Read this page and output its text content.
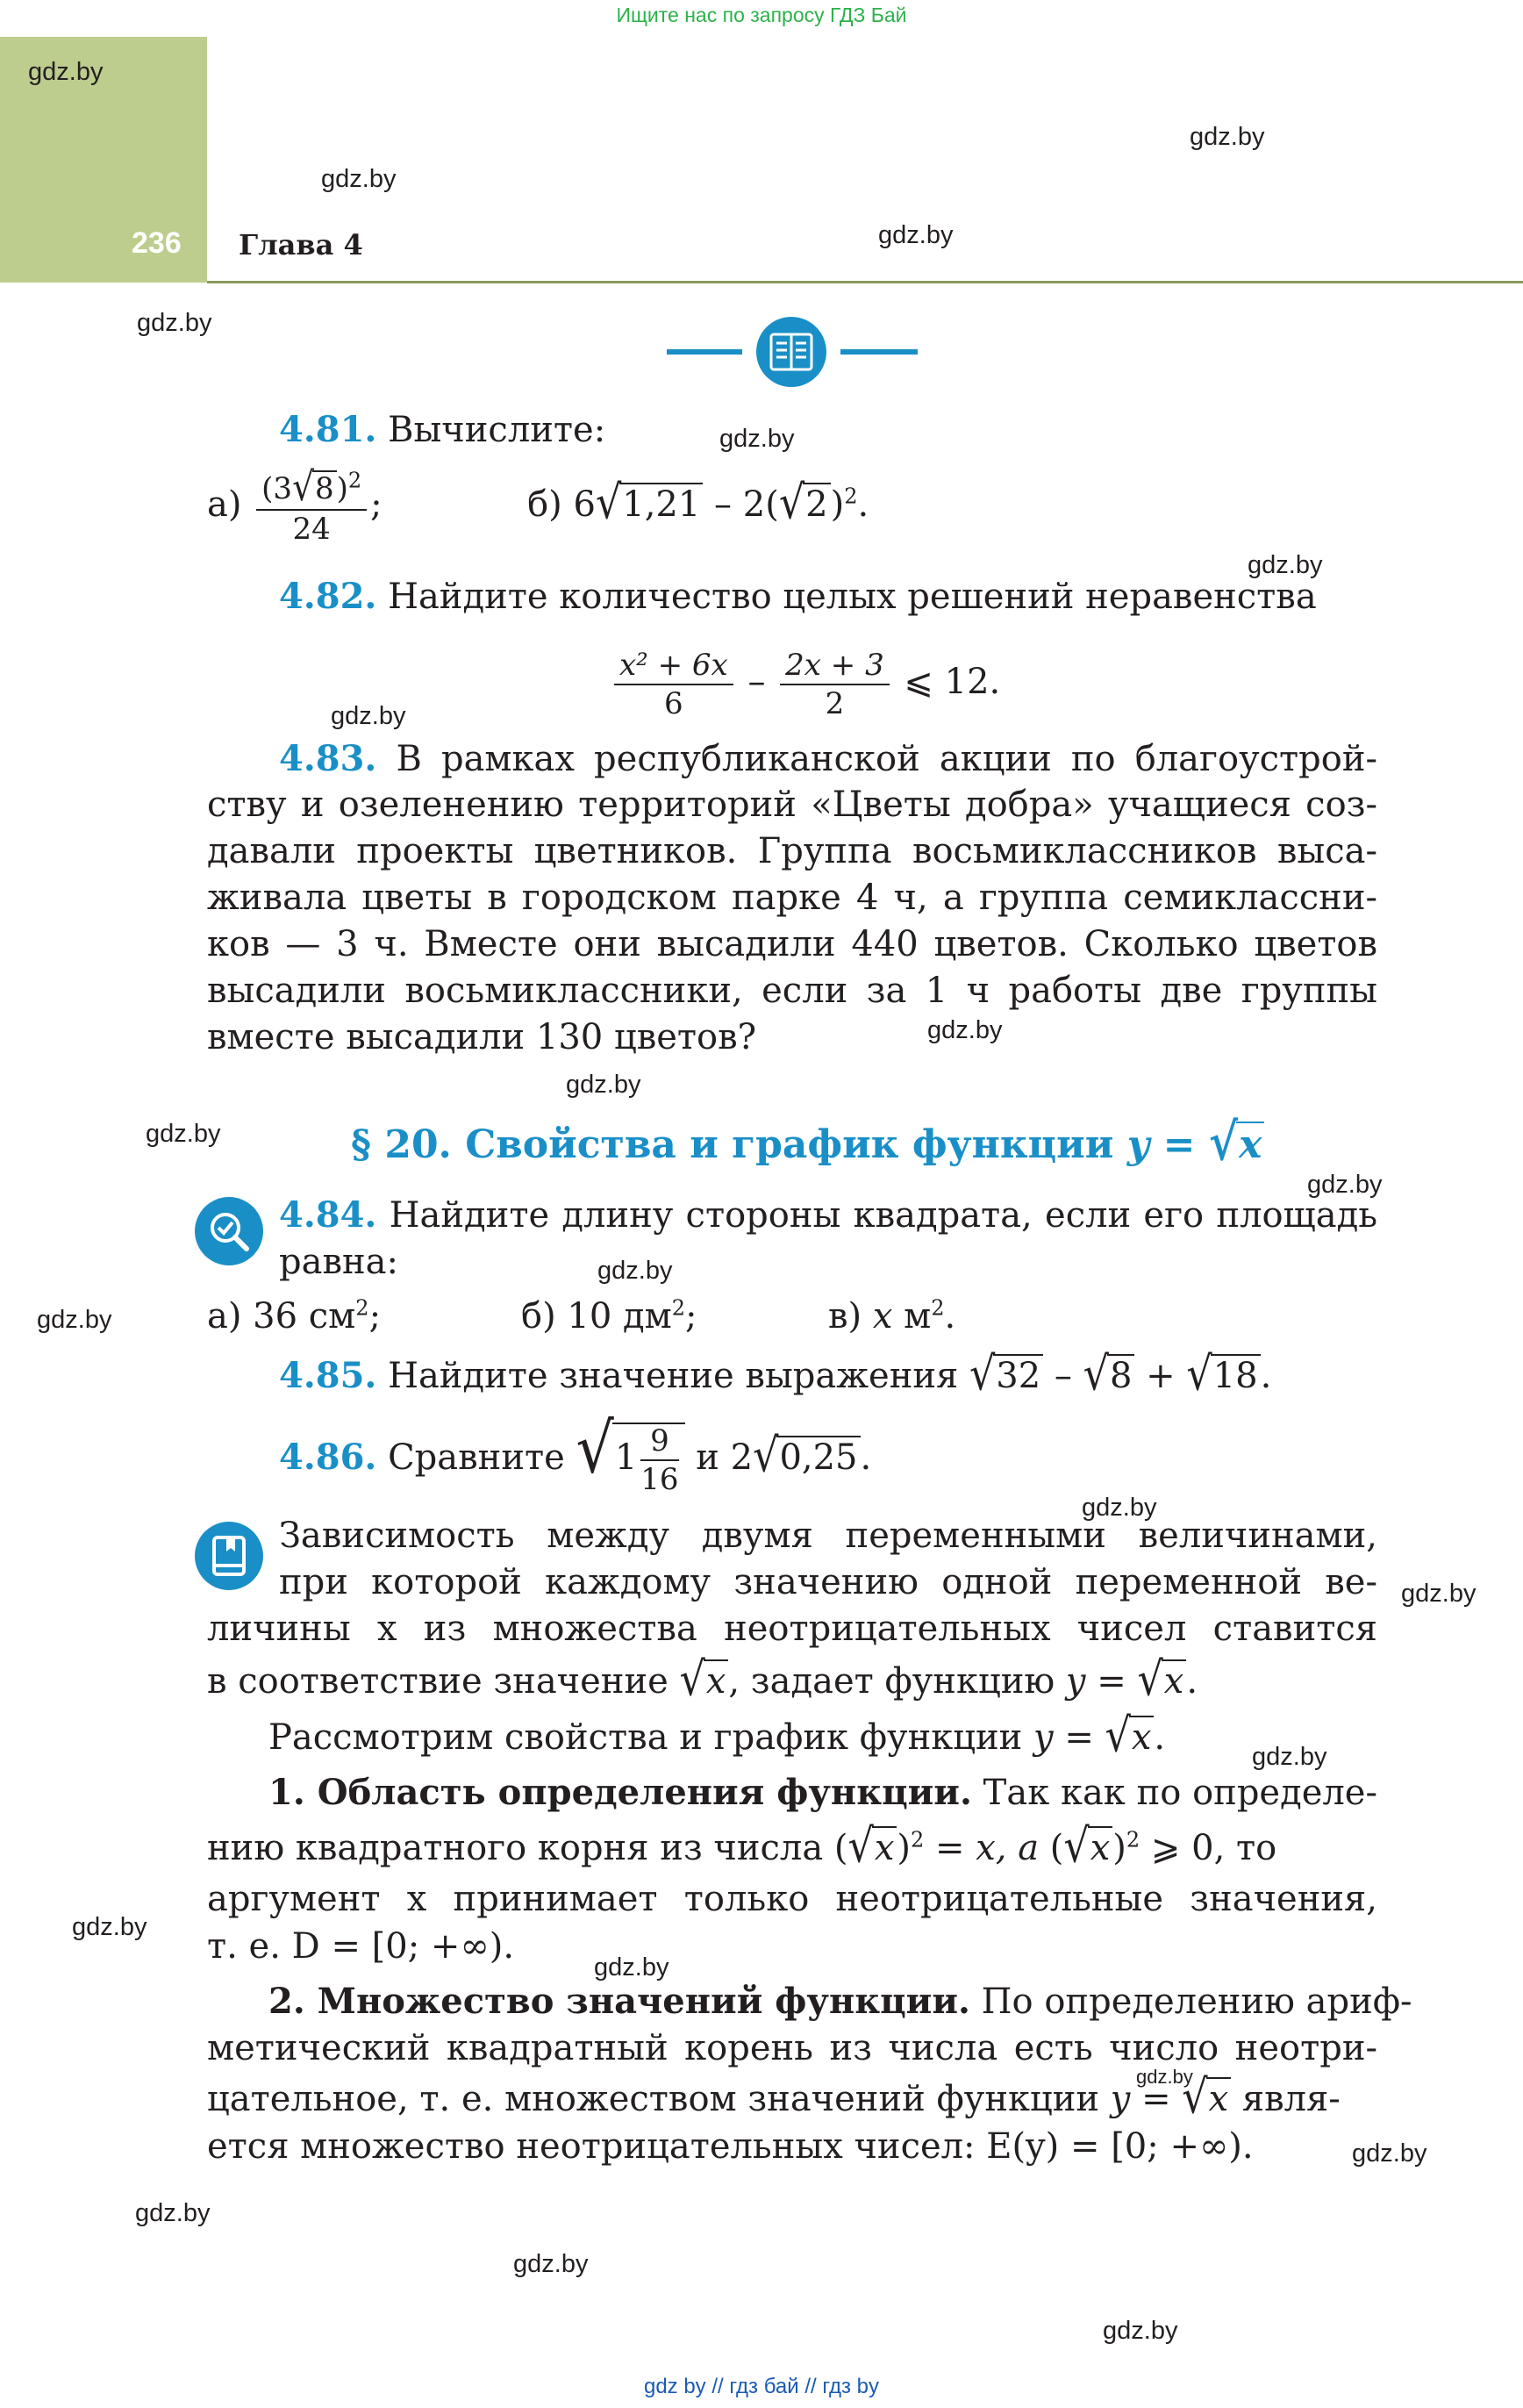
Ищите нас по запросу ГДЗ Бай
236 Глава 4
gdz.by
gdz.by
gdz.by
gdz.by
gdz.by
gdz.by
gdz.by
gdz.by
gdz.by
gdz.by
gdz.by
gdz.by
gdz.by
gdz.by
gdz.by
gdz.by
gdz.by
gdz.by
gdz.by
gdz.by
gdz.by
gdz.by
gdz.by
gdz.by
4.81. Вычислите:
$а) \frac{(3√8)^2}{24}$ ;	б) $6√1,21 - 2(√2)^2$.
4.82. Найдите количество целых решений неравенства
$\frac{\text{x² + 6x}}{6} - \frac{2x + 3}{2}$ ⩽ 12.
4.83. В рамках республиканской акции по благоустрой-
ству и озеленению территорий «Цветы добра» учащиеся соз-
давали проекты цветников. Группа восьмиклассников выса-
живала цветы в городском парке 4 ч, а группа семиклассни-
ков — 3 ч. Вместе они высадили 440 цветов. Сколько цветов
высадили восьмиклассники, если за 1 ч работы две группы
вместе высадили 130 цветов?
§ 20. Свойства и график функции y = √x
4.84. Найдите длину стороны квадрата, если его площадь
равна:
а) 36 $см^2$;	б) 10 $дм^2$;	в) x $м^2$.
4.85. Найдите значение выражения √32 – √8 + √18.
4.86. Сравните $√1 \frac{9}{16}$ и 2√0,25.
Зависимость между двумя переменными величинами,
при которой каждому значению одной переменной ве-
личины x из множества неотрицательных чисел ставится
в соответствие значение √x, задает функцию y = √x.
Рассмотрим свойства и график функции y = √x.
1. Область определения функции. Так как по определе-
нию квадратного корня из числа $(√x)^2 = x$, а $(√x)^2$ ⩾ 0, то
аргумент x принимает только неотрицательные значения,
т. е. D = [0; +∞).
2. Множество значений функции. По определению ариф-
метический квадратный корень из числа есть число неотри-
цательное, т. е. множеством значений функции y = √x явля-
ется множество неотрицательных чисел: E(y) = [0; +∞).
gdz by // гдз бай // гдз by
